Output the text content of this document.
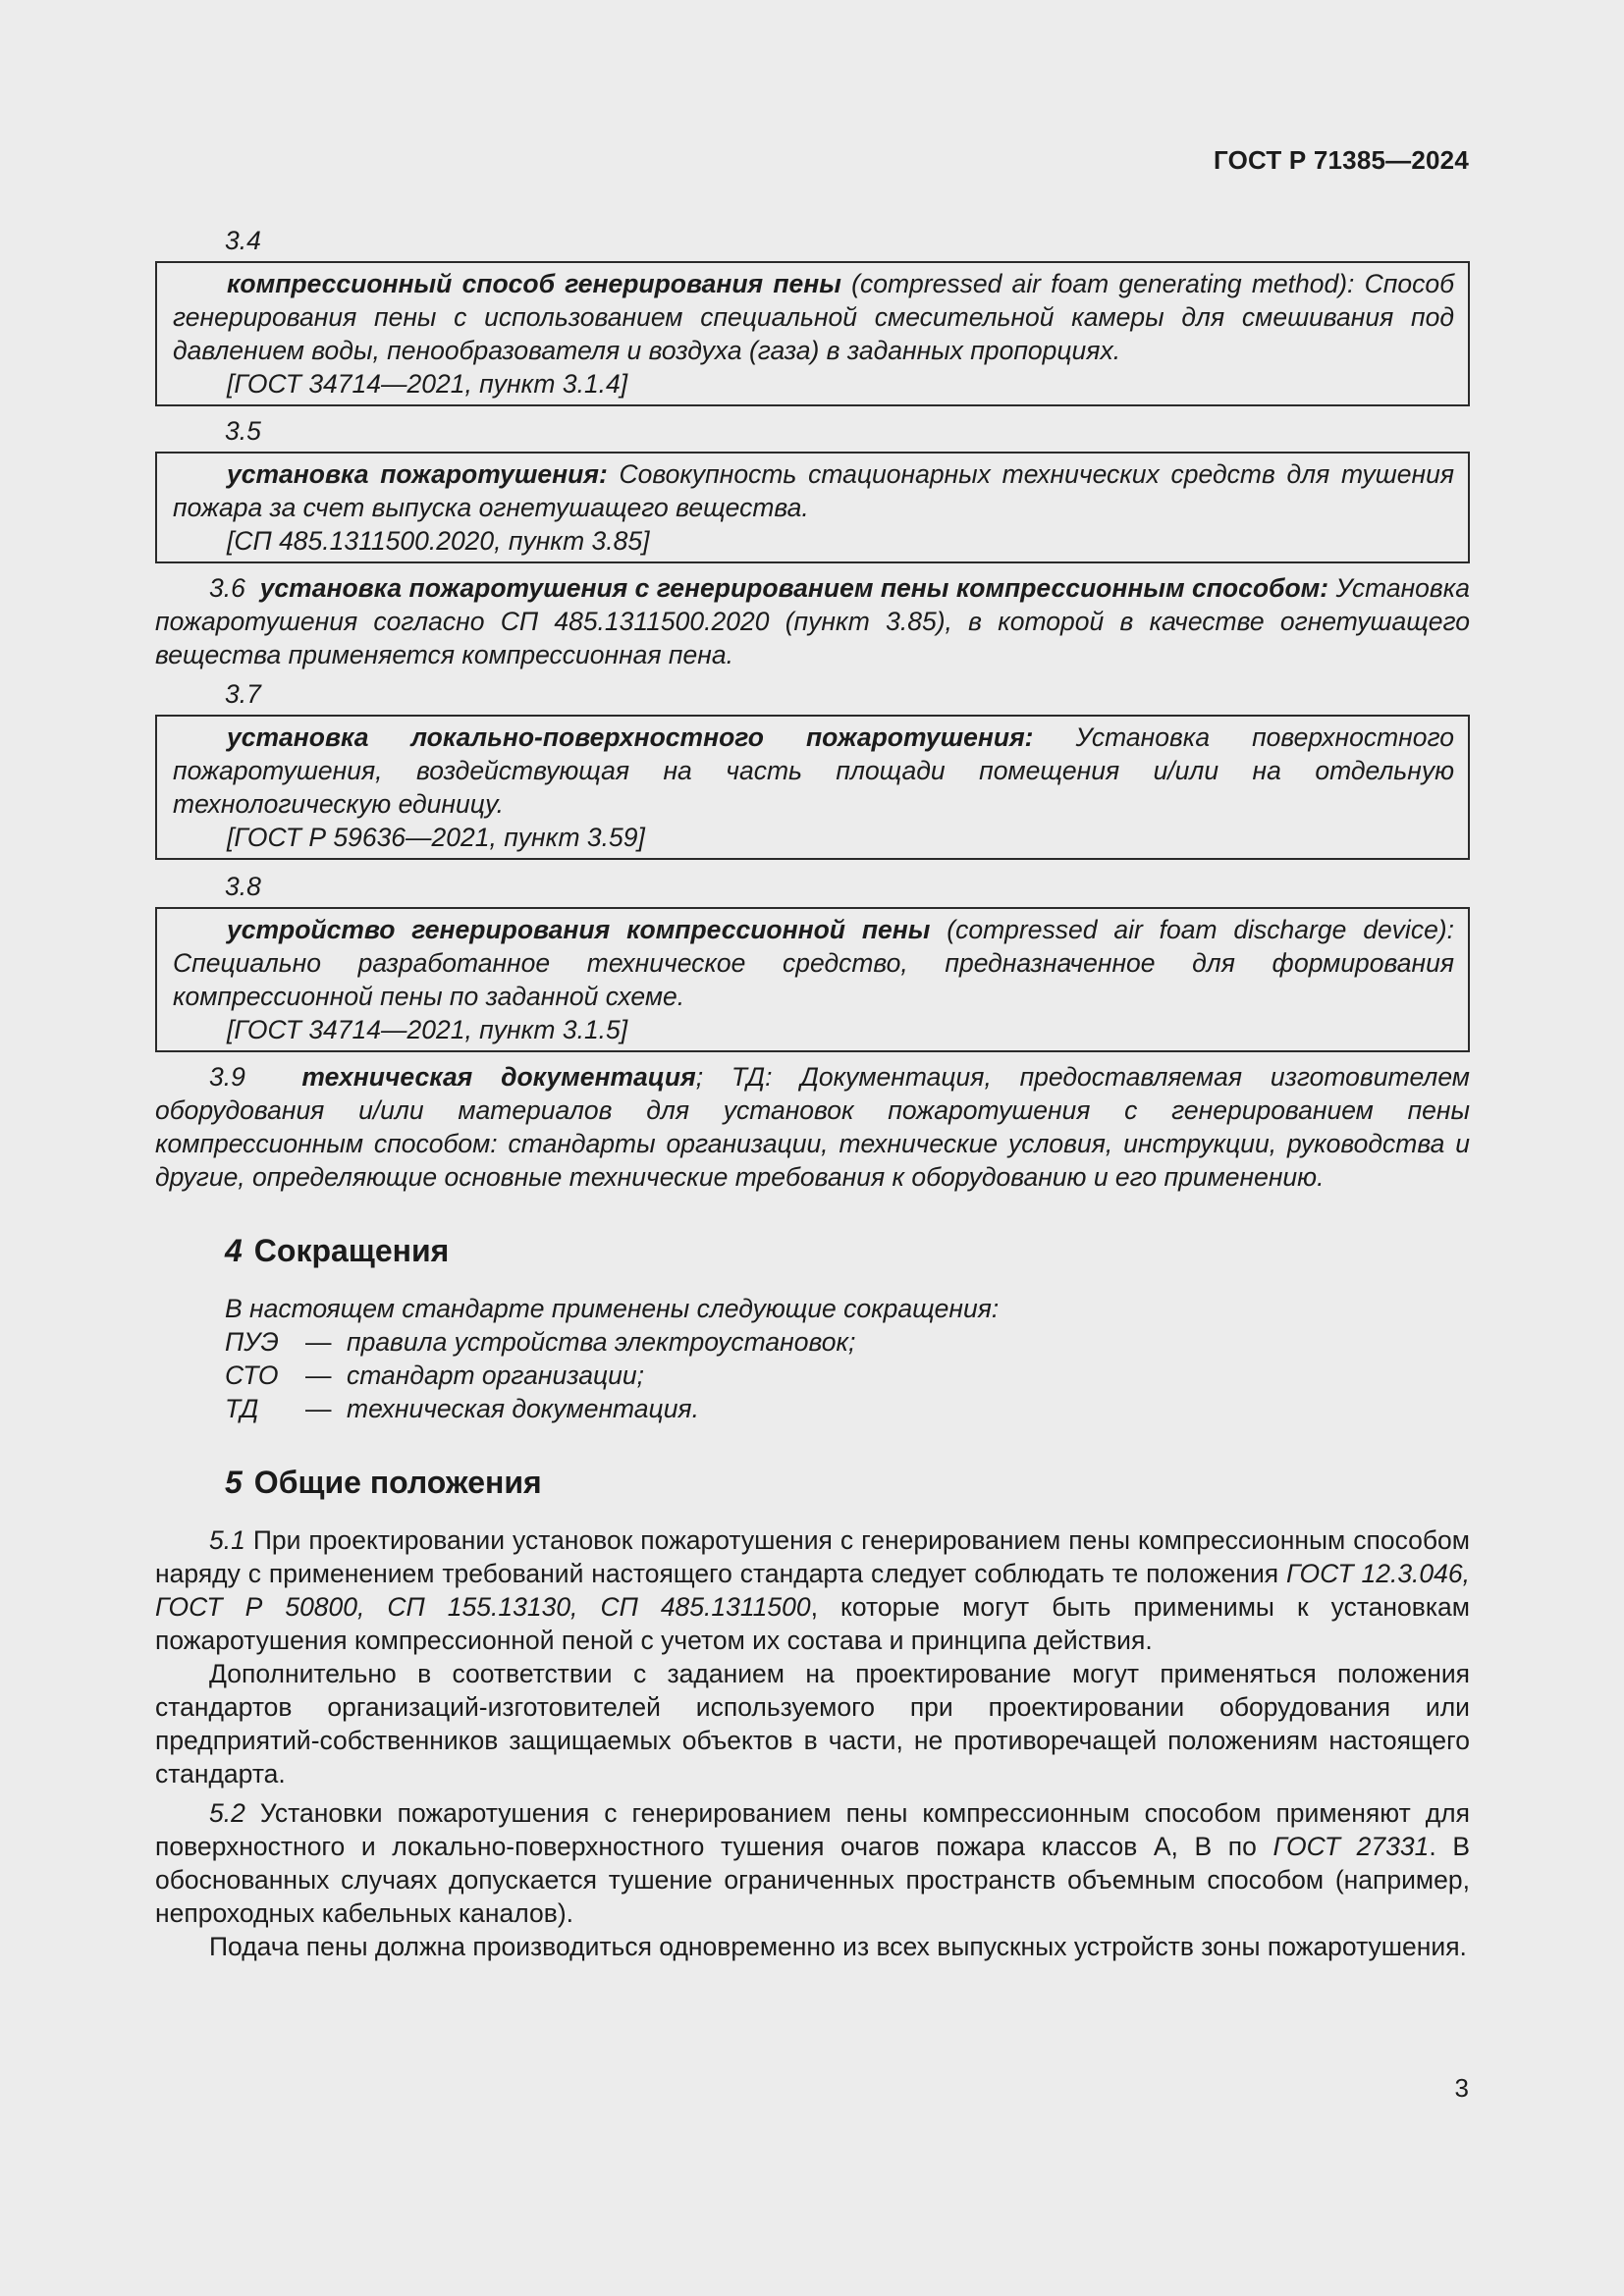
ГОСТ Р 71385—2024

3.4

компрессионный способ генерирования пены (compressed air foam generating method): Способ генерирования пены с использованием специальной смесительной камеры для смешивания под давлением воды, пенообразователя и воздуха (газа) в заданных пропорциях.

[ГОСТ 34714—2021, пункт 3.1.4]

3.5

установка пожаротушения: Совокупность стационарных технических средств для тушения пожара за счет выпуска огнетушащего вещества.

[СП 485.1311500.2020, пункт 3.85]

3.6 установка пожаротушения с генерированием пены компрессионным способом: Установка пожаротушения согласно СП 485.1311500.2020 (пункт 3.85), в которой в качестве огнетушащего вещества применяется компрессионная пена.

3.7

установка локально-поверхностного пожаротушения: Установка поверхностного пожаротушения, воздействующая на часть площади помещения и/или на отдельную технологическую единицу.

[ГОСТ Р 59636—2021, пункт 3.59]

3.8

устройство генерирования компрессионной пены (compressed air foam discharge device): Специально разработанное техническое средство, предназначенное для формирования компрессионной пены по заданной схеме.

[ГОСТ 34714—2021, пункт 3.1.5]

3.9 техническая документация; ТД: Документация, предоставляемая изготовителем оборудования и/или материалов для установок пожаротушения с генерированием пены компрессионным способом: стандарты организации, технические условия, инструкции, руководства и другие, определяющие основные технические требования к оборудованию и его применению.

4 Сокращения

В настоящем стандарте применены следующие сокращения:

ПУЭ	— правила устройства электроустановок;
СТО	— стандарт организации;
ТД	— техническая документация.
5 Общие положения

5.1 При проектировании установок пожаротушения с генерированием пены компрессионным способом наряду с применением требований настоящего стандарта следует соблюдать те положения ГОСТ 12.3.046, ГОСТ Р 50800, СП 155.13130, СП 485.1311500, которые могут быть применимы к установкам пожаротушения компрессионной пеной с учетом их состава и принципа действия.

Дополнительно в соответствии с заданием на проектирование могут применяться положения стандартов организаций-изготовителей используемого при проектировании оборудования или предприятий-собственников защищаемых объектов в части, не противоречащей положениям настоящего стандарта.

5.2 Установки пожаротушения с генерированием пены компрессионным способом применяют для поверхностного и локально-поверхностного тушения очагов пожара классов А, В по ГОСТ 27331. В обоснованных случаях допускается тушение ограниченных пространств объемным способом (например, непроходных кабельных каналов).

Подача пены должна производиться одновременно из всех выпускных устройств зоны пожаротушения.

3
